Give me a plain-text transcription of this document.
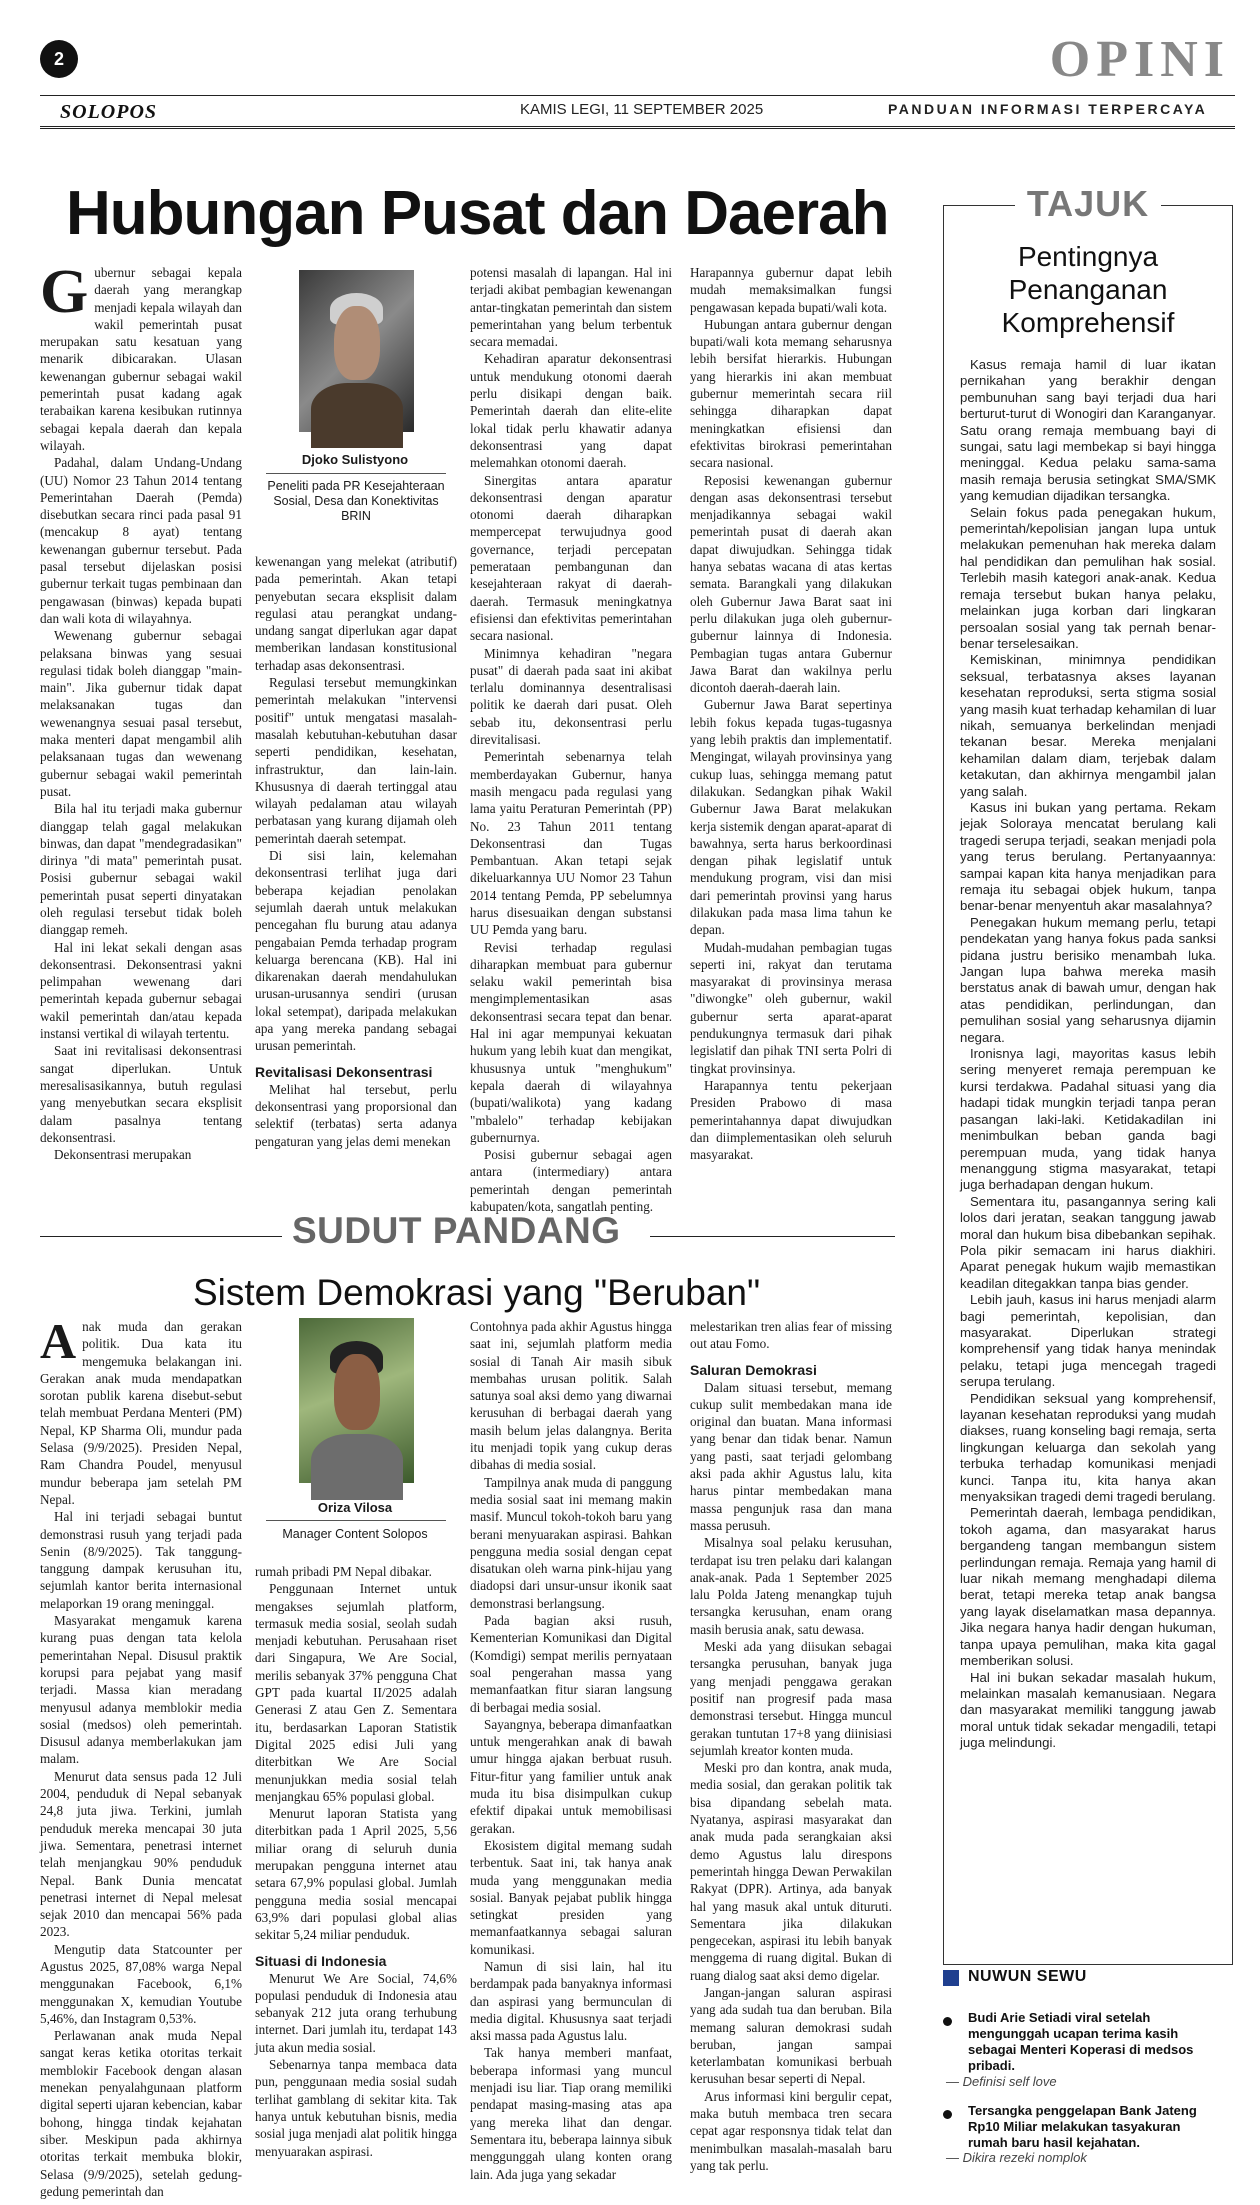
2	OPINI
SOLOPOS	KAMIS LEGI, 11 SEPTEMBER 2025	PANDUAN INFORMASI TERPERCAYA
Hubungan Pusat dan Daerah

Gubernur sebagai kepala daerah yang merangkap menjadi kepala wilayah dan wakil pemerintah pusat merupakan satu kesatuan yang menarik dibicarakan. Ulasan kewenangan gubernur sebagai wakil pemerintah pusat kadang agak terabaikan karena kesibukan rutinnya sebagai kepala daerah dan kepala wilayah.

Padahal, dalam Undang-Undang (UU) Nomor 23 Tahun 2014 tentang Pemerintahan Daerah (Pemda) disebutkan secara rinci pada pasal 91 (mencakup 8 ayat) tentang kewenangan gubernur tersebut. Pada pasal tersebut dijelaskan posisi gubernur terkait tugas pembinaan dan pengawasan (binwas) kepada bupati dan wali kota di wilayahnya.

Wewenang gubernur sebagai pelaksana binwas yang sesuai regulasi tidak boleh dianggap "main-main". Jika gubernur tidak dapat melaksanakan tugas dan wewenangnya sesuai pasal tersebut, maka menteri dapat mengambil alih pelaksanaan tugas dan wewenang gubernur sebagai wakil pemerintah pusat.

Bila hal itu terjadi maka gubernur dianggap telah gagal melakukan binwas, dan dapat "mendegradasikan" dirinya "di mata" pemerintah pusat. Posisi gubernur sebagai wakil pemerintah pusat seperti dinyatakan oleh regulasi tersebut tidak boleh dianggap remeh.

Hal ini lekat sekali dengan asas dekonsentrasi. Dekonsentrasi yakni pelimpahan wewenang dari pemerintah kepada gubernur sebagai wakil pemerintah dan/atau kepada instansi vertikal di wilayah tertentu.

Saat ini revitalisasi dekonsentrasi sangat diperlukan. Untuk meresalisasikannya, butuh regulasi yang menyebutkan secara eksplisit dalam pasalnya tentang dekonsentrasi.

Dekonsentrasi merupakan

Djoko Sulistyono
Peneliti pada PR Kesejahteraan Sosial, Desa dan Konektivitas BRIN

kewenangan yang melekat (atributif) pada pemerintah. Akan tetapi penyebutan secara eksplisit dalam regulasi atau perangkat undang-undang sangat diperlukan agar dapat memberikan landasan konstitusional terhadap asas dekonsentrasi.

Regulasi tersebut memungkinkan pemerintah melakukan "intervensi positif" untuk mengatasi masalah-masalah kebutuhan-kebutuhan dasar seperti pendidikan, kesehatan, infrastruktur, dan lain-lain. Khususnya di daerah tertinggal atau wilayah pedalaman atau wilayah perbatasan yang kurang dijamah oleh pemerintah daerah setempat.

Di sisi lain, kelemahan dekonsentrasi terlihat juga dari beberapa kejadian penolakan sejumlah daerah untuk melakukan pencegahan flu burung atau adanya pengabaian Pemda terhadap program keluarga berencana (KB). Hal ini dikarenakan daerah mendahulukan urusan-urusannya sendiri (urusan lokal setempat), daripada melakukan apa yang mereka pandang sebagai urusan pemerintah.

Revitalisasi Dekonsentrasi

Melihat hal tersebut, perlu dekonsentrasi yang proporsional dan selektif (terbatas) serta adanya pengaturan yang jelas demi menekan

potensi masalah di lapangan. Hal ini terjadi akibat pembagian kewenangan antar-tingkatan pemerintah dan sistem pemerintahan yang belum terbentuk secara memadai.

Kehadiran aparatur dekonsentrasi untuk mendukung otonomi daerah perlu disikapi dengan baik. Pemerintah daerah dan elite-elite lokal tidak perlu khawatir adanya dekonsentrasi yang dapat melemahkan otonomi daerah.

Sinergitas antara aparatur dekonsentrasi dengan aparatur otonomi daerah diharapkan mempercepat terwujudnya good governance, terjadi percepatan pemerataan pembangunan dan kesejahteraan rakyat di daerah-daerah. Termasuk meningkatnya efisiensi dan efektivitas pemerintahan secara nasional.

Minimnya kehadiran "negara pusat" di daerah pada saat ini akibat terlalu dominannya desentralisasi politik ke daerah dari pusat. Oleh sebab itu, dekonsentrasi perlu direvitalisasi.

Pemerintah sebenarnya telah memberdayakan Gubernur, hanya masih mengacu pada regulasi yang lama yaitu Peraturan Pemerintah (PP) No. 23 Tahun 2011 tentang Dekonsentrasi dan Tugas Pembantuan. Akan tetapi sejak dikeluarkannya UU Nomor 23 Tahun 2014 tentang Pemda, PP sebelumnya harus disesuaikan dengan substansi UU Pemda yang baru.

Revisi terhadap regulasi diharapkan membuat para gubernur selaku wakil pemerintah bisa mengimplementasikan asas dekonsentrasi secara tepat dan benar. Hal ini agar mempunyai kekuatan hukum yang lebih kuat dan mengikat, khususnya untuk "menghukum" kepala daerah di wilayahnya (bupati/walikota) yang kadang "mbalelo" terhadap kebijakan gubernurnya.

Posisi gubernur sebagai agen antara (intermediary) antara pemerintah dengan pemerintah kabupaten/kota, sangatlah penting.

Harapannya gubernur dapat lebih mudah memaksimalkan fungsi pengawasan kepada bupati/wali kota.

Hubungan antara gubernur dengan bupati/wali kota memang seharusnya lebih bersifat hierarkis. Hubungan yang hierarkis ini akan membuat gubernur memerintah secara riil sehingga diharapkan dapat meningkatkan efisiensi dan efektivitas birokrasi pemerintahan secara nasional.

Reposisi kewenangan gubernur dengan asas dekonsentrasi tersebut menjadikannya sebagai wakil pemerintah pusat di daerah akan dapat diwujudkan. Sehingga tidak hanya sebatas wacana di atas kertas semata. Barangkali yang dilakukan oleh Gubernur Jawa Barat saat ini perlu dilakukan juga oleh gubernur-gubernur lainnya di Indonesia. Pembagian tugas antara Gubernur Jawa Barat dan wakilnya perlu dicontoh daerah-daerah lain.

Gubernur Jawa Barat sepertinya lebih fokus kepada tugas-tugasnya yang lebih praktis dan implementatif. Mengingat, wilayah provinsinya yang cukup luas, sehingga memang patut dilakukan. Sedangkan pihak Wakil Gubernur Jawa Barat melakukan kerja sistemik dengan aparat-aparat di bawahnya, serta harus berkoordinasi dengan pihak legislatif untuk mendukung program, visi dan misi dari pemerintah provinsi yang harus dilakukan pada masa lima tahun ke depan.

Mudah-mudahan pembagian tugas seperti ini, rakyat dan terutama masyarakat di provinsinya merasa "diwongke" oleh gubernur, wakil gubernur serta aparat-aparat pendukungnya termasuk dari pihak legislatif dan pihak TNI serta Polri di tingkat provinsinya.

Harapannya tentu pekerjaan Presiden Prabowo di masa pemerintahannya dapat diwujudkan dan diimplementasikan oleh seluruh masyarakat.

SUDUT PANDANG
Sistem Demokrasi yang "Beruban"

Anak muda dan gerakan politik. Dua kata itu mengemuka belakangan ini. Gerakan anak muda mendapatkan sorotan publik karena disebut-sebut telah membuat Perdana Menteri (PM) Nepal, KP Sharma Oli, mundur pada Selasa (9/9/2025). Presiden Nepal, Ram Chandra Poudel, menyusul mundur beberapa jam setelah PM Nepal.

Hal ini terjadi sebagai buntut demonstrasi rusuh yang terjadi pada Senin (8/9/2025). Tak tanggung-tanggung dampak kerusuhan itu, sejumlah kantor berita internasional melaporkan 19 orang meninggal.

Masyarakat mengamuk karena kurang puas dengan tata kelola pemerintahan Nepal. Disusul praktik korupsi para pejabat yang masif terjadi. Massa kian meradang menyusul adanya memblokir media sosial (medsos) oleh pemerintah. Disusul adanya memberlakukan jam malam.

Menurut data sensus pada 12 Juli 2004, penduduk di Nepal sebanyak 24,8 juta jiwa. Terkini, jumlah penduduk mereka mencapai 30 juta jiwa. Sementara, penetrasi internet telah menjangkau 90% penduduk Nepal. Bank Dunia mencatat penetrasi internet di Nepal melesat sejak 2010 dan mencapai 56% pada 2023.

Mengutip data Statcounter per Agustus 2025, 87,08% warga Nepal menggunakan Facebook, 6,1% menggunakan X, kemudian Youtube 5,46%, dan Instagram 0,53%.

Perlawanan anak muda Nepal sangat keras ketika otoritas terkait memblokir Facebook dengan alasan menekan penyalahgunaan platform digital seperti ujaran kebencian, kabar bohong, hingga tindak kejahatan siber. Meskipun pada akhirnya otoritas terkait membuka blokir, Selasa (9/9/2025), setelah gedung-gedung pemerintah dan

Oriza Vilosa
Manager Content Solopos

rumah pribadi PM Nepal dibakar.

Penggunaan Internet untuk mengakses sejumlah platform, termasuk media sosial, seolah sudah menjadi kebutuhan. Perusahaan riset dari Singapura, We Are Social, merilis sebanyak 37% pengguna Chat GPT pada kuartal II/2025 adalah Generasi Z atau Gen Z. Sementara itu, berdasarkan Laporan Statistik Digital 2025 edisi Juli yang diterbitkan We Are Social menunjukkan media sosial telah menjangkau 65% populasi global.

Menurut laporan Statista yang diterbitkan pada 1 April 2025, 5,56 miliar orang di seluruh dunia merupakan pengguna internet atau setara 67,9% populasi global. Jumlah pengguna media sosial mencapai 63,9% dari populasi global alias sekitar 5,24 miliar penduduk.

Situasi di Indonesia

Menurut We Are Social, 74,6% populasi penduduk di Indonesia atau sebanyak 212 juta orang terhubung internet. Dari jumlah itu, terdapat 143 juta akun media sosial.

Sebenarnya tanpa membaca data pun, penggunaan media sosial sudah terlihat gamblang di sekitar kita. Tak hanya untuk kebutuhan bisnis, media sosial juga menjadi alat politik hingga menyuarakan aspirasi.

Contohnya pada akhir Agustus hingga saat ini, sejumlah platform media sosial di Tanah Air masih sibuk membahas urusan politik. Salah satunya soal aksi demo yang diwarnai kerusuhan di berbagai daerah yang masih belum jelas dalangnya. Berita itu menjadi topik yang cukup deras dibahas di media sosial.

Tampilnya anak muda di panggung media sosial saat ini memang makin masif. Muncul tokoh-tokoh baru yang berani menyuarakan aspirasi. Bahkan pengguna media sosial dengan cepat disatukan oleh warna pink-hijau yang diadopsi dari unsur-unsur ikonik saat demonstrasi berlangsung.

Pada bagian aksi rusuh, Kementerian Komunikasi dan Digital (Komdigi) sempat merilis pernyataan soal pengerahan massa yang memanfaatkan fitur siaran langsung di berbagai media sosial.

Sayangnya, beberapa dimanfaatkan untuk mengerahkan anak di bawah umur hingga ajakan berbuat rusuh. Fitur-fitur yang familier untuk anak muda itu bisa disimpulkan cukup efektif dipakai untuk memobilisasi gerakan.

Ekosistem digital memang sudah terbentuk. Saat ini, tak hanya anak muda yang menggunakan media sosial. Banyak pejabat publik hingga setingkat presiden yang memanfaatkannya sebagai saluran komunikasi.

Namun di sisi lain, hal itu berdampak pada banyaknya informasi dan aspirasi yang bermunculan di media digital. Khususnya saat terjadi aksi massa pada Agustus lalu.

Tak hanya memberi manfaat, beberapa informasi yang muncul menjadi isu liar. Tiap orang memiliki pendapat masing-masing atas apa yang mereka lihat dan dengar. Sementara itu, beberapa lainnya sibuk menggunggah ulang konten orang lain. Ada juga yang sekadar

melestarikan tren alias fear of missing out atau Fomo.

Saluran Demokrasi

Dalam situasi tersebut, memang cukup sulit membedakan mana ide original dan buatan. Mana informasi yang benar dan tidak benar. Namun yang pasti, saat terjadi gelombang aksi pada akhir Agustus lalu, kita harus pintar membedakan mana massa pengunjuk rasa dan mana massa perusuh.

Misalnya soal pelaku kerusuhan, terdapat isu tren pelaku dari kalangan anak-anak. Pada 1 September 2025 lalu Polda Jateng menangkap tujuh tersangka kerusuhan, enam orang masih berusia anak, satu dewasa.

Meski ada yang diisukan sebagai tersangka perusuhan, banyak juga yang menjadi penggawa gerakan positif nan progresif pada masa demonstrasi tersebut. Hingga muncul gerakan tuntutan 17+8 yang diinisiasi sejumlah kreator konten muda.

Meski pro dan kontra, anak muda, media sosial, dan gerakan politik tak bisa dipandang sebelah mata. Nyatanya, aspirasi masyarakat dan anak muda pada serangkaian aksi demo Agustus lalu direspons pemerintah hingga Dewan Perwakilan Rakyat (DPR). Artinya, ada banyak hal yang masuk akal untuk dituruti. Sementara jika dilakukan pengecekan, aspirasi itu lebih banyak menggema di ruang digital. Bukan di ruang dialog saat aksi demo digelar.

Jangan-jangan saluran aspirasi yang ada sudah tua dan beruban. Bila memang saluran demokrasi sudah beruban, jangan sampai keterlambatan komunikasi berbuah kerusuhan besar seperti di Nepal.

Arus informasi kini bergulir cepat, maka butuh membaca tren secara cepat agar responsnya tidak telat dan menimbulkan masalah-masalah baru yang tak perlu.

TAJUK
Pentingnya Penanganan Komprehensif

Kasus remaja hamil di luar ikatan pernikahan yang berakhir dengan pembunuhan sang bayi terjadi dua hari berturut-turut di Wonogiri dan Karanganyar. Satu orang remaja membuang bayi di sungai, satu lagi membekap si bayi hingga meninggal. Kedua pelaku sama-sama masih remaja berusia setingkat SMA/SMK yang kemudian dijadikan tersangka.

Selain fokus pada penegakan hukum, pemerintah/kepolisian jangan lupa untuk melakukan pemenuhan hak mereka dalam hal pendidikan dan pemulihan hak sosial. Terlebih masih kategori anak-anak. Kedua remaja tersebut bukan hanya pelaku, melainkan juga korban dari lingkaran persoalan sosial yang tak pernah benar-benar terselesaikan.

Kemiskinan, minimnya pendidikan seksual, terbatasnya akses layanan kesehatan reproduksi, serta stigma sosial yang masih kuat terhadap kehamilan di luar nikah, semuanya berkelindan menjadi tekanan besar. Mereka menjalani kehamilan dalam diam, terjebak dalam ketakutan, dan akhirnya mengambil jalan yang salah.

Kasus ini bukan yang pertama. Rekam jejak Soloraya mencatat berulang kali tragedi serupa terjadi, seakan menjadi pola yang terus berulang. Pertanyaannya: sampai kapan kita hanya menjadikan para remaja itu sebagai objek hukum, tanpa benar-benar menyentuh akar masalahnya?

Penegakan hukum memang perlu, tetapi pendekatan yang hanya fokus pada sanksi pidana justru berisiko menambah luka. Jangan lupa bahwa mereka masih berstatus anak di bawah umur, dengan hak atas pendidikan, perlindungan, dan pemulihan sosial yang seharusnya dijamin negara.

Ironisnya lagi, mayoritas kasus lebih sering menyeret remaja perempuan ke kursi terdakwa. Padahal situasi yang dia hadapi tidak mungkin terjadi tanpa peran pasangan laki-laki. Ketidakadilan ini menimbulkan beban ganda bagi perempuan muda, yang tidak hanya menanggung stigma masyarakat, tetapi juga berhadapan dengan hukum.

Sementara itu, pasangannya sering kali lolos dari jeratan, seakan tanggung jawab moral dan hukum bisa dibebankan sepihak. Pola pikir semacam ini harus diakhiri. Aparat penegak hukum wajib memastikan keadilan ditegakkan tanpa bias gender.

Lebih jauh, kasus ini harus menjadi alarm bagi pemerintah, kepolisian, dan masyarakat. Diperlukan strategi komprehensif yang tidak hanya menindak pelaku, tetapi juga mencegah tragedi serupa terulang.

Pendidikan seksual yang komprehensif, layanan kesehatan reproduksi yang mudah diakses, ruang konseling bagi remaja, serta lingkungan keluarga dan sekolah yang terbuka terhadap komunikasi menjadi kunci. Tanpa itu, kita hanya akan menyaksikan tragedi demi tragedi berulang.

Pemerintah daerah, lembaga pendidikan, tokoh agama, dan masyarakat harus bergandeng tangan membangun sistem perlindungan remaja. Remaja yang hamil di luar nikah memang menghadapi dilema berat, tetapi mereka tetap anak bangsa yang layak diselamatkan masa depannya. Jika negara hanya hadir dengan hukuman, tanpa upaya pemulihan, maka kita gagal memberikan solusi.

Hal ini bukan sekadar masalah hukum, melainkan masalah kemanusiaan. Negara dan masyarakat memiliki tanggung jawab moral untuk tidak sekadar mengadili, tetapi juga melindungi.

NUWUN SEWU
Budi Arie Setiadi viral setelah mengunggah ucapan terima kasih sebagai Menteri Koperasi di medsos pribadi.
— Definisi self love
Tersangka penggelapan Bank Jateng Rp10 Miliar melakukan tasyakuran rumah baru hasil kejahatan.
— Dikira rezeki nomplok
